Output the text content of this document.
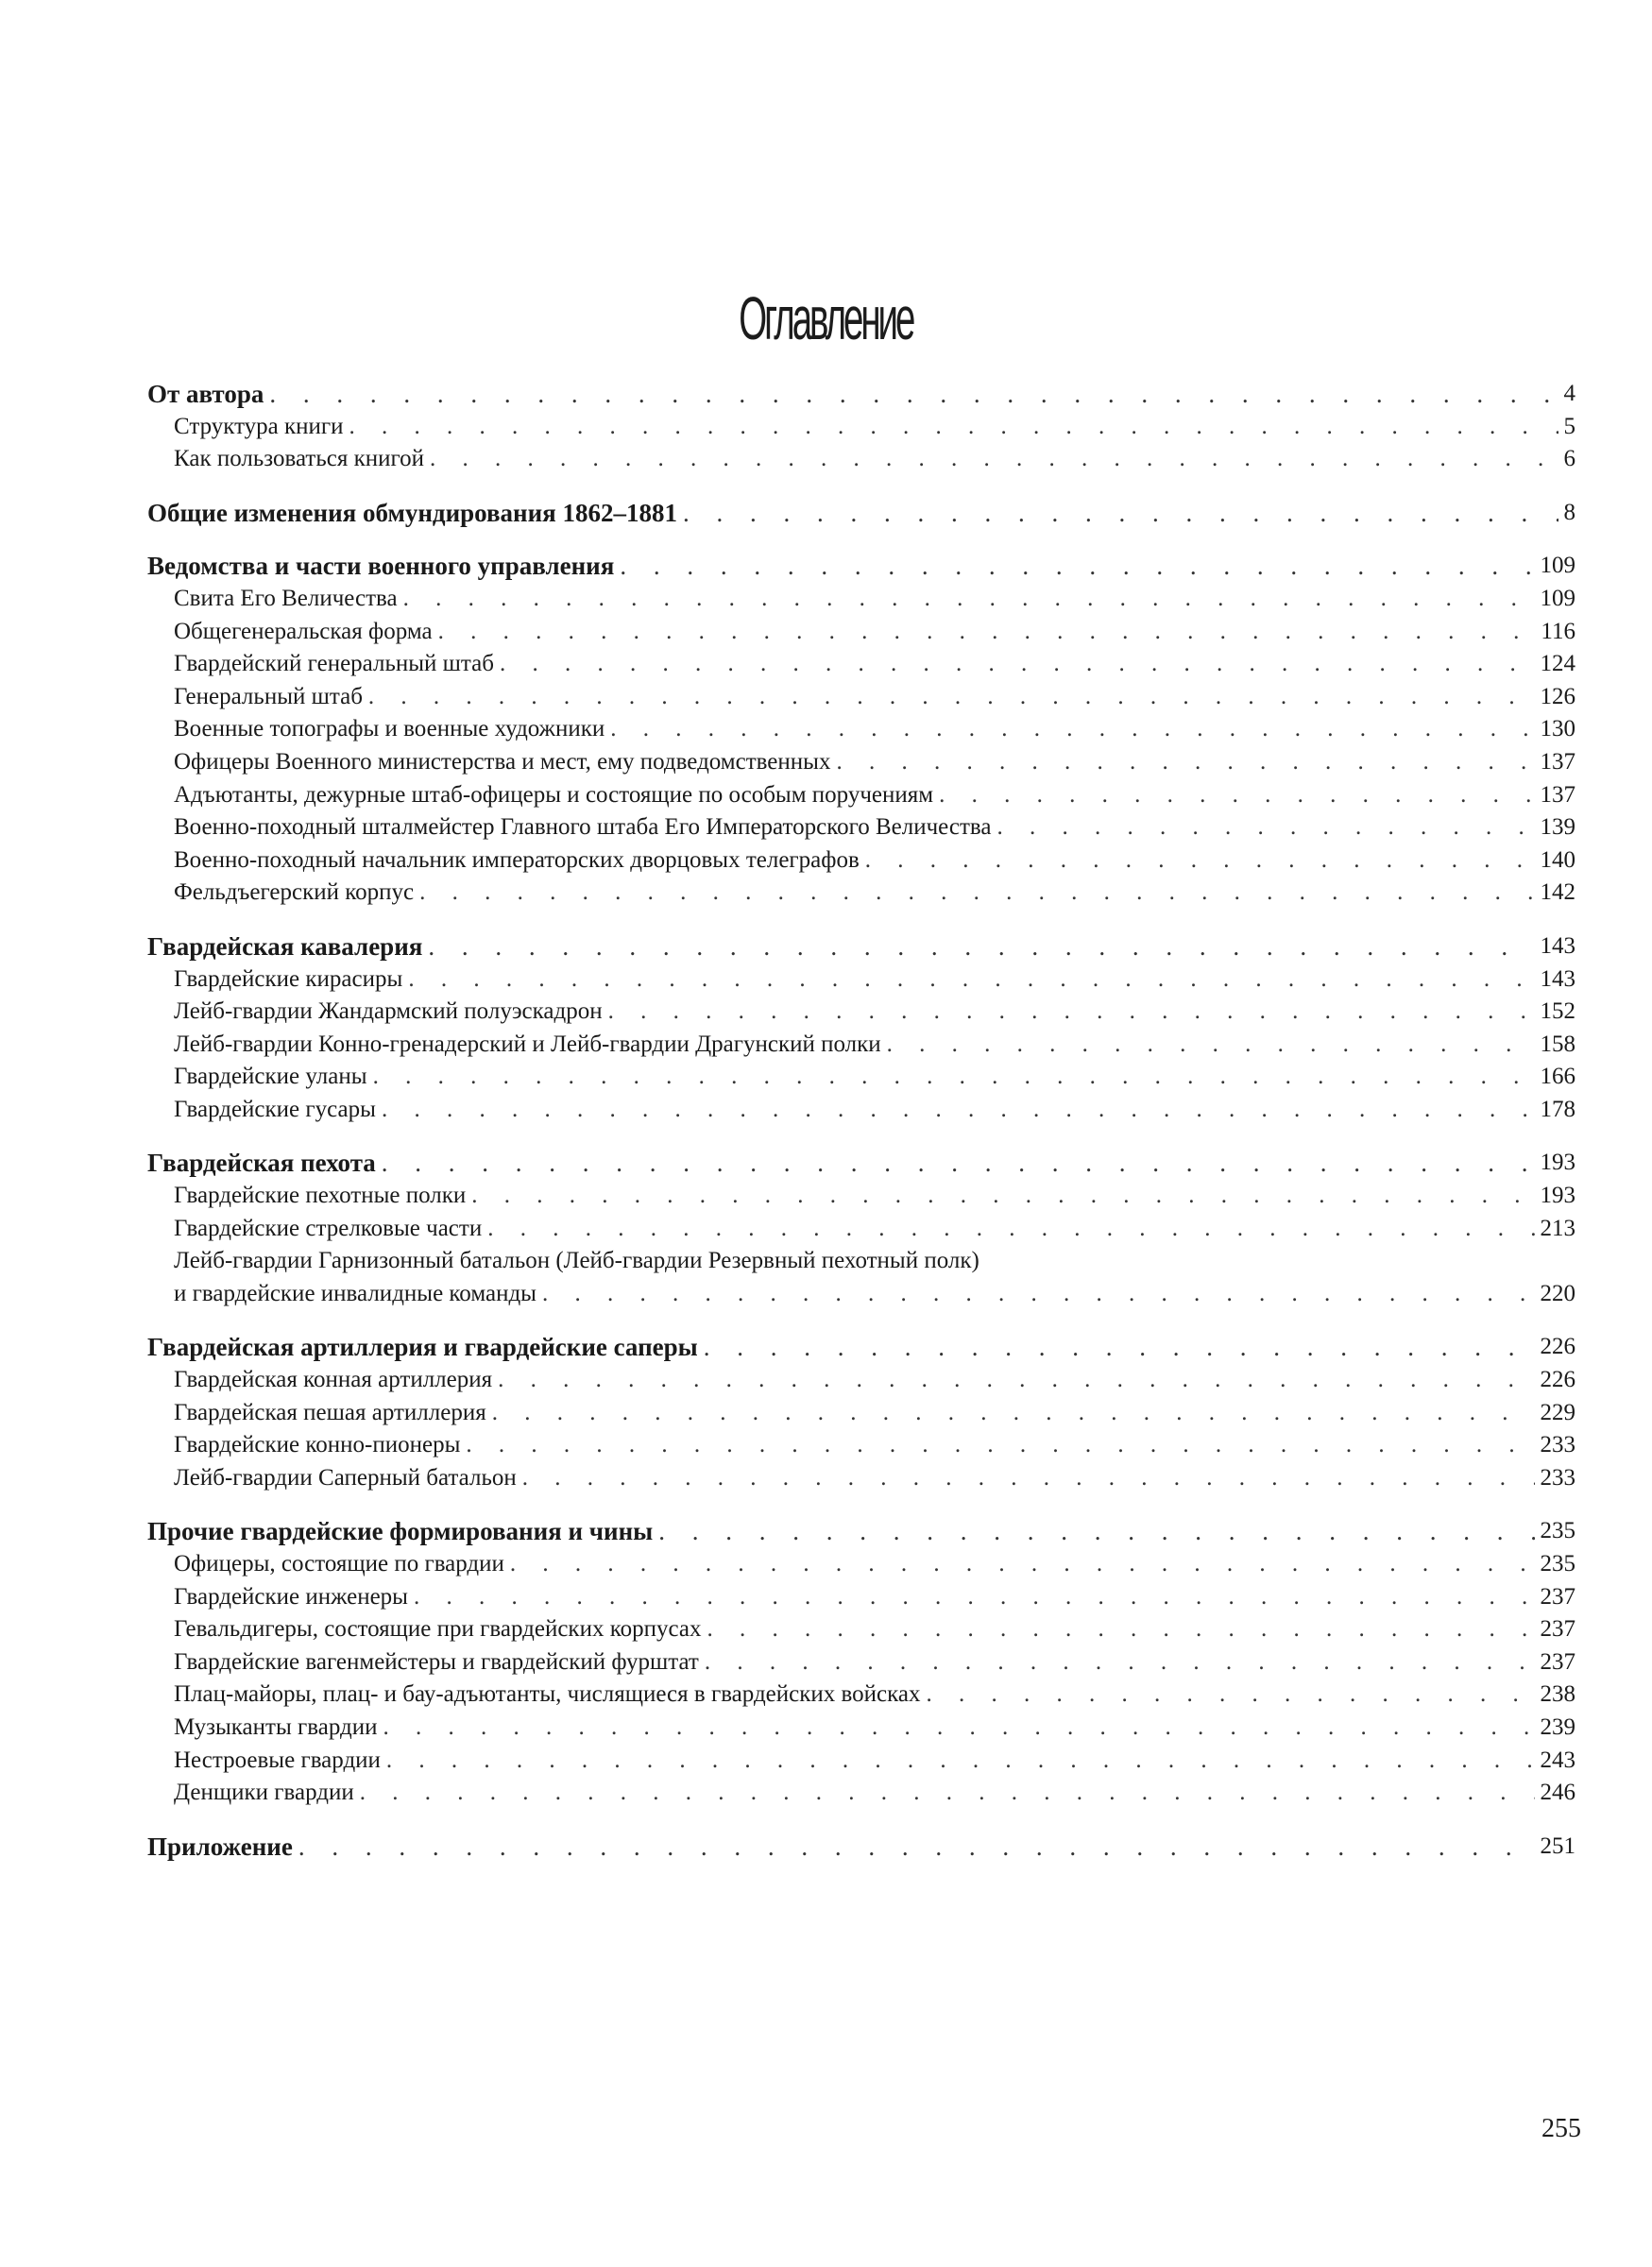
Оглавление
От автора . . .	4
Структура книги . . .	5
Как пользоваться книгой . . .	6
Общие изменения обмундирования 1862–1881 . . .	8
Ведомства и части военного управления . . .	109
Свита Его Величества . . .	109
Общегенеральская форма . . .	116
Гвардейский генеральный штаб . . .	124
Генеральный штаб . . .	126
Военные топографы и военные художники . . .	130
Офицеры Военного министерства и мест, ему подведомственных . . .	137
Адъютанты, дежурные штаб-офицеры и состоящие по особым поручениям . . .	137
Военно-походный шталмейстер Главного штаба Его Императорского Величества . . .	139
Военно-походный начальник императорских дворцовых телеграфов . . .	140
Фельдъегерский корпус . . .	142
Гвардейская кавалерия . . .	143
Гвардейские кирасиры . . .	143
Лейб-гвардии Жандармский полуэскадрон . . .	152
Лейб-гвардии Конно-гренадерский и Лейб-гвардии Драгунский полки . . .	158
Гвардейские уланы . . .	166
Гвардейские гусары . . .	178
Гвардейская пехота . . .	193
Гвардейские пехотные полки . . .	193
Гвардейские стрелковые части . . .	213
Лейб-гвардии Гарнизонный батальон (Лейб-гвардии Резервный пехотный полк)
и гвардейские инвалидные команды . . .	220
Гвардейская артиллерия и гвардейские саперы . . .	226
Гвардейская конная артиллерия . . .	226
Гвардейская пешая артиллерия . . .	229
Гвардейские конно-пионеры . . .	233
Лейб-гвардии Саперный батальон . . .	233
Прочие гвардейские формирования и чины . . .	235
Офицеры, состоящие по гвардии . . .	235
Гвардейские инженеры . . .	237
Гевальдигеры, состоящие при гвардейских корпусах . . .	237
Гвардейские вагенмейстеры и гвардейский фурштат . . .	237
Плац-майоры, плац- и бау-адъютанты, числящиеся в гвардейских войсках . . .	238
Музыканты гвардии . . .	239
Нестроевые гвардии . . .	243
Денщики гвардии . . .	246
Приложение . . .	251
255
